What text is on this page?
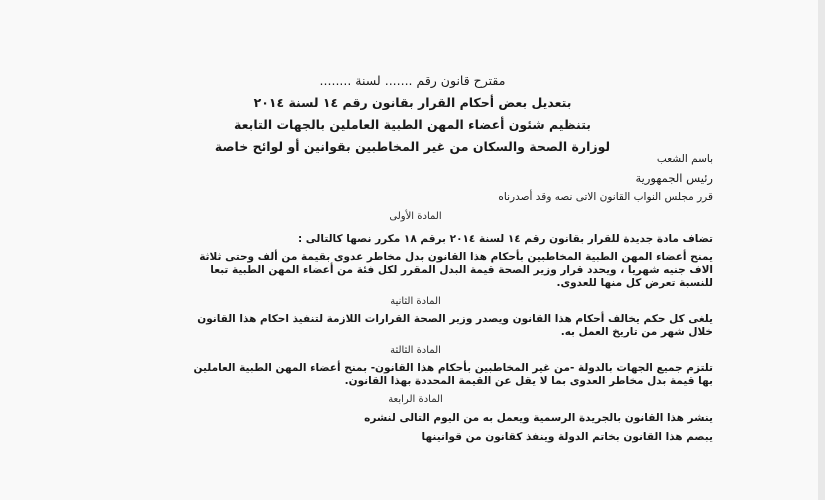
مقترح قانون رقم ....... لسنة ........
بتعديل بعض أحكام القرار بقانون رقم ١٤ لسنة ٢٠١٤
بتنظيم شئون أعضاء المهن الطبية العاملين بالجهات التابعة
لوزارة الصحة والسكان من غير المخاطبين بقوانين أو لوائح خاصة

باسم الشعب

رئيس الجمهورية

قرر مجلس النواب القانون الاتى نصه وقد أصدرناه

المادة الأولى

تضاف مادة جديدة للقرار بقانون رقم ١٤ لسنة ٢٠١٤ برقم ١٨ مكرر نصها كالتالى :

يمنح أعضاء المهن الطبية المخاطبين بأحكام هذا القانون بدل مخاطر عدوى بقيمة من ألف وحتى ثلاثة

الاف جنيه شهريا ، ويحدد قرار وزير الصحة قيمة البدل المقرر لكل فئة من أعضاء المهن الطبية تبعا

للنسبة تعرض كل منها للعدوى.

المادة الثانية

يلغى كل حكم يخالف أحكام هذا القانون ويصدر وزير الصحة القرارات اللازمة لتنفيذ احكام هذا القانون

خلال شهر من تاريخ العمل به.

المادة الثالثة

تلتزم جميع الجهات بالدولة -من غير المخاطبين بأحكام هذا القانون- بمنح أعضاء المهن الطبية العاملين

بها قيمة بدل مخاطر العدوى بما لا يقل عن القيمة المحددة بهذا القانون.

المادة الرابعة

ينشر هذا القانون بالجريدة الرسمية ويعمل به من اليوم التالى لنشره

يبصم هذا القانون بخاتم الدولة وينفذ كقانون من قوانينها
